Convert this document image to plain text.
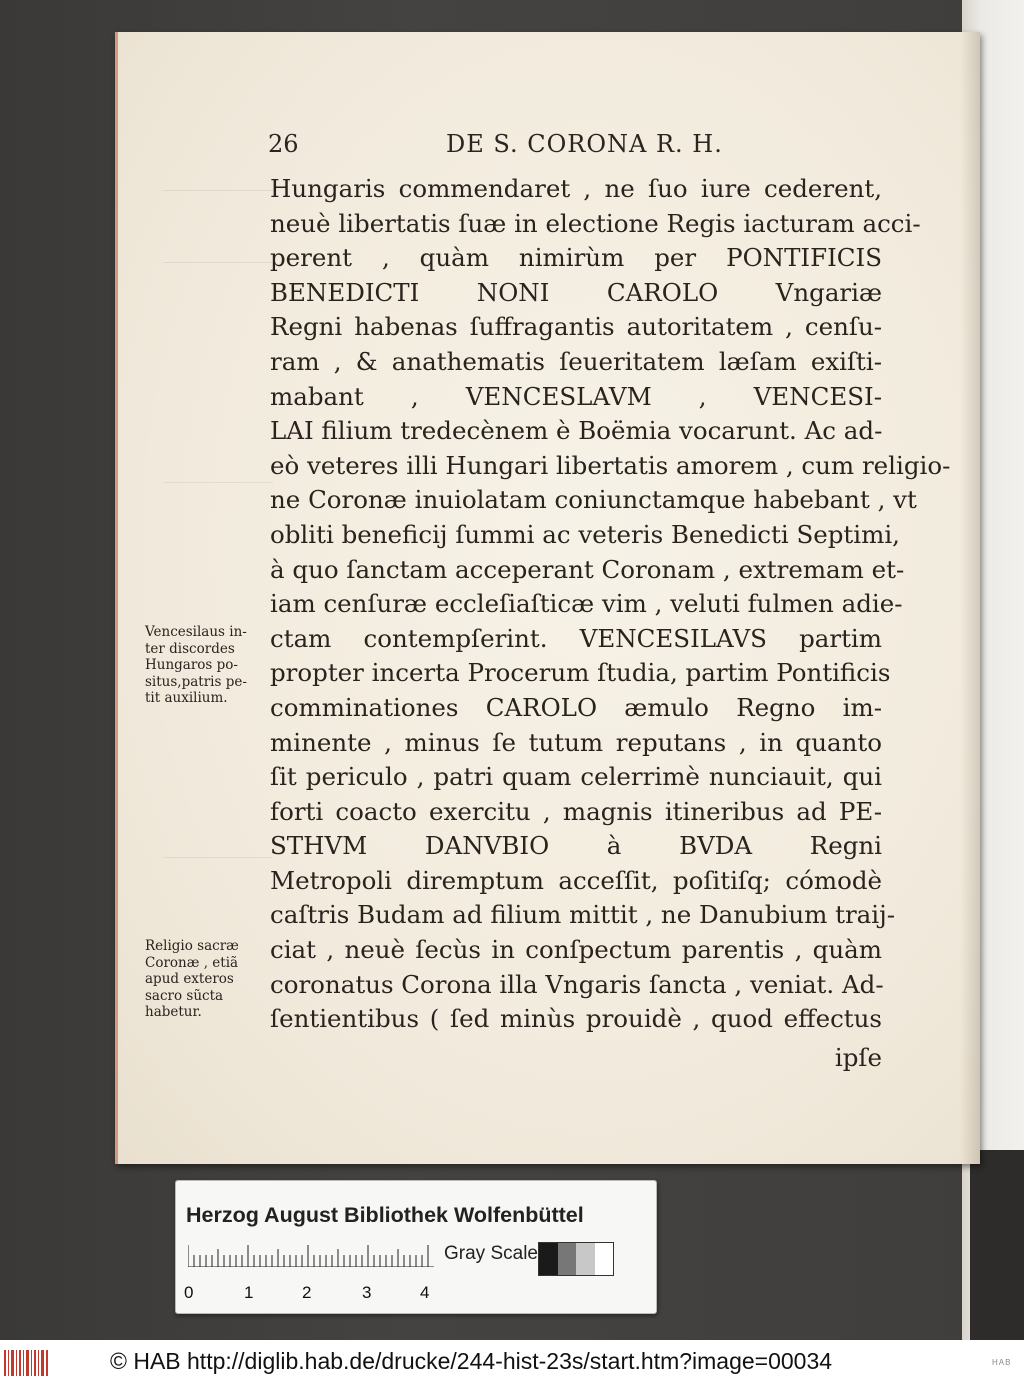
26	DE S. CORONA R. H.
Hungaris commendaret , ne ſuo iure cederent,
neuè libertatis ſuæ in electione Regis iacturam acci-
perent , quàm nimirùm per PONTIFICIS
BENEDICTI NONI CAROLO Vngariæ
Regni habenas ſuffragantis autoritatem , cenſu-
ram , & anathematis ſeueritatem læſam exiſti-
mabant , VENCESLAVM , VENCESI-
LAI filium tredecènem è Boëmia vocarunt. Ac ad-
eò veteres illi Hungari libertatis amorem , cum religio-
ne Coronæ inuiolatam coniunctamque habebant , vt
obliti beneficij ſummi ac veteris Benedicti Septimi,
à quo ſanctam acceperant Coronam , extremam et-
iam cenſuræ eccleſiaſticæ vim , veluti fulmen adie-
ctam contempſerint. VENCESILAVS partim
propter incerta Procerum ſtudia, partim Pontificis
comminationes CAROLO æmulo Regno im-
minente , minus ſe tutum reputans , in quanto
ſit periculo , patri quam celerrimè nunciauit, qui
forti coacto exercitu , magnis itineribus ad PE-
STHVM DANVBIO à BVDA Regni
Metropoli diremptum acceſſit, poſitiſq; cómodè
caſtris Budam ad filium mittit , ne Danubium traij-
ciat , neuè ſecùs in conſpectum parentis , quàm
coronatus Corona illa Vngaris ſancta , veniat. Ad-
ſentientibus ( ſed minùs prouidè , quod effectus
ipſe
Vencesilaus in-
ter discordes
Hungaros po-
situs,patris pe-
tit auxilium.
Religio sacræ
Coronæ , etiã
apud exteros
sacro sũcta
habetur.
Herzog August Bibliothek Wolfenbüttel
0	1	2	3	4
Gray Scale
© HAB http://diglib.hab.de/drucke/244-hist-23s/start.htm?image=00034	HAB
